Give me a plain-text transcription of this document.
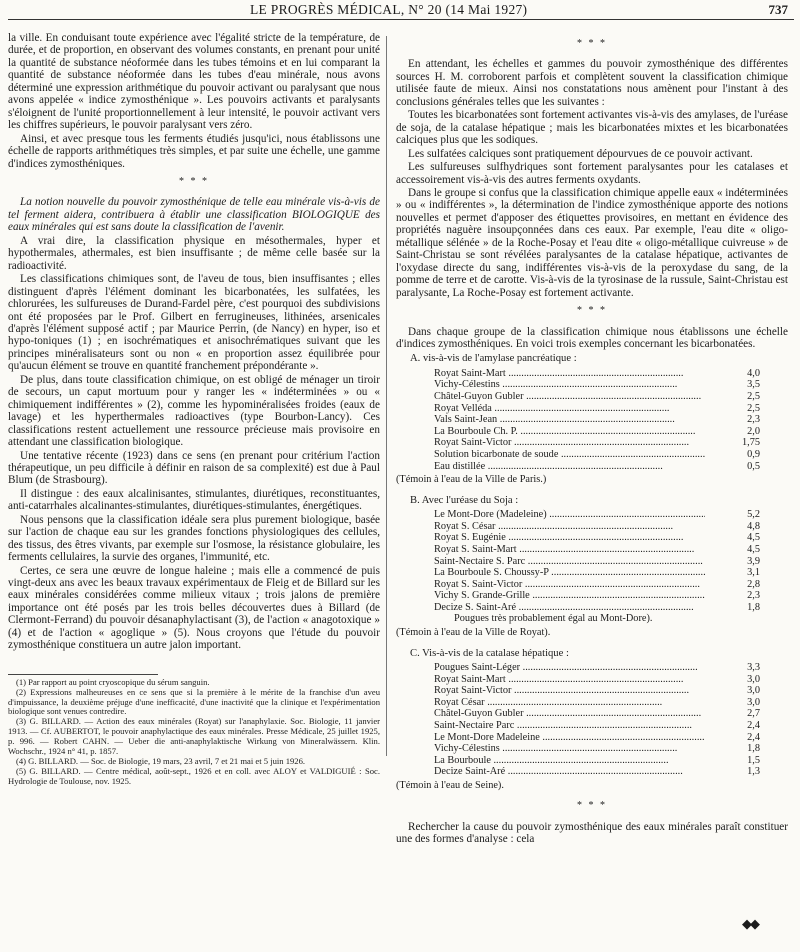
LE PROGRÈS MÉDICAL, N° 20 (14 Mai 1927)	737

la ville. En conduisant toute expérience avec l'égalité stricte de la température, de durée, et de proportion, en observant des volumes constants, en prenant pour unité la quantité de substance néoformée dans les tubes témoins et en lui comparant la quantité de substance néoformée dans les tubes d'eau minérale, nous avons déterminé une expression arithmétique du pouvoir activant ou paralysant que nous avons appelée « indice zymosthénique ». Les pouvoirs activants et paralysants s'éloignent de l'unité proportionnellement à leur intensité, le pouvoir activant vers les chiffres supérieurs, le pouvoir paralysant vers zéro.

Ainsi, et avec presque tous les ferments étudiés jusqu'ici, nous établissons une échelle de rapports arithmétiques très simples, et par suite une échelle, une gamme d'indices zymosthéniques.

* * *

La notion nouvelle du pouvoir zymosthénique de telle eau minérale vis-à-vis de tel ferment aidera, contribuera à établir une classification BIOLOGIQUE des eaux minérales qui est sans doute la classification de l'avenir.

A vrai dire, la classification physique en mésothermales, hyper et hypothermales, athermales, est bien insuffisante ; de même celle basée sur la radioactivité.

Les classifications chimiques sont, de l'aveu de tous, bien insuffisantes ; elles distinguent d'après l'élément dominant les bicarbonatées, les sulfatées, les chlorurées, les sulfureuses de Durand-Fardel père, c'est pourquoi des subdivisions ont été proposées par le Prof. Gilbert en ferrugineuses, lithinées, arsenicales d'après l'élément supposé actif ; par Maurice Perrin, (de Nancy) en hyper, iso et hypo-toniques (1) ; en isochrématiques et anisochrématiques suivant que les principes minéralisateurs sont ou non « en proportion assez équilibrée pour qu'aucun élément se trouve en quantité franchement prépondérante ».

De plus, dans toute classification chimique, on est obligé de ménager un tiroir de secours, un caput mortuum pour y ranger les « indéterminées » ou « chimiquement indifférentes » (2), comme les hypominéralisées froides (eaux de lavage) et les hyperthermales radioactives (type Bourbon-Lancy). Ces classifications restent actuellement une ressource précieuse mais provisoire en attendant une classification biologique.

Une tentative récente (1923) dans ce sens (en prenant pour critérium l'action thérapeutique, un peu difficile à définir en raison de sa complexité) est due à Paul Blum (de Strasbourg).

Il distingue : des eaux alcalinisantes, stimulantes, diurétiques, reconstituantes, anti-catarrhales alcalinantes-stimulantes, diurétiques-stimulantes, énergétiques.

Nous pensons que la classification idéale sera plus purement biologique, basée sur l'action de chaque eau sur les grandes fonctions physiologiques des cellules, des tissus, des êtres vivants, par exemple sur l'osmose, la résistance globulaire, les ferments cellulaires, la survie des organes, l'immunité, etc.

Certes, ce sera une œuvre de longue haleine ; mais elle a commencé de puis vingt-deux ans avec les beaux travaux expérimentaux de Fleig et de Billard sur les eaux minérales considérées comme milieux vitaux ; trois jalons de première importance ont été posés par les trois belles découvertes dues à Billard (de Clermont-Ferrand) du pouvoir désanaphylactisant (3), de l'action « anagotoxique » (4) et de l'action « agoglique » (5). Nous croyons que l'étude du pouvoir zymosthénique constituera un autre jalon important.

(1) Par rapport au point cryoscopique du sérum sanguin.

(2) Expressions malheureuses en ce sens que si la première à le mérite de la franchise d'un aveu d'impuissance, la deuxième préjuge d'une inefficacité, d'une inactivité que la clinique et l'expérimentation biologique sont venues contredire.

(3) G. BILLARD. — Action des eaux minérales (Royat) sur l'anaphylaxie. Soc. Biologie, 11 janvier 1913. — Cf. AUBERTOT, le pouvoir anaphylactique des eaux minérales. Presse Médicale, 25 juillet 1925, p. 996. — Robert CAHN. — Ueber die anti-anaphylaktische Wirkung von Mineralwässern. Klin. Wochschr., 1924 n° 41, p. 1857.

(4) G. BILLARD. — Soc. de Biologie, 19 mars, 23 avril, 7 et 21 mai et 5 juin 1926.

(5) G. BILLARD. — Centre médical, août-sept., 1926 et en coll. avec ALOY et VALDIGUIÉ : Soc. Hydrologie de Toulouse, nov. 1925.

* * *

En attendant, les échelles et gammes du pouvoir zymosthénique des différentes sources H. M. corroborent parfois et complètent souvent la classification chimique utilisée faute de mieux. Ainsi nos constatations nous amènent pour l'instant à des conclusions générales telles que les suivantes :

Toutes les bicarbonatées sont fortement activantes vis-à-vis des amylases, de l'uréase de soja, de la catalase hépatique ; mais les bicarbonatées mixtes et les bicarbonatées calciques plus que les sodiques.

Les sulfatées calciques sont pratiquement dépourvues de ce pouvoir activant.

Les sulfureuses sulfhydriques sont fortement paralysantes pour les catalases et accessoirement vis-à-vis des autres ferments oxydants.

Dans le groupe si confus que la classification chimique appelle eaux « indéterminées » ou « indifférentes », la détermination de l'indice zymosthénique apporte des notions nouvelles et permet d'apposer des étiquettes provisoires, en mettant en évidence des propriétés naguère insoupçonnées dans ces eaux. Par exemple, l'eau dite « oligo-métallique sélénée » de la Roche-Posay et l'eau dite « oligo-métallique cuivreuse » de Saint-Christau se sont révélées paralysantes de la catalase hépatique, activantes de l'oxydase directe du sang, indifférentes vis-à-vis de la peroxydase du sang, de la pomme de terre et de carotte. Vis-à-vis de la tyrosinase de la russule, Saint-Christau est paralysante, La Roche-Posay est fortement activante.

* * *

Dans chaque groupe de la classification chimique nous établissons une échelle d'indices zymosthéniques. En voici trois exemples concernant les bicarbonatées.

A. vis-à-vis de l'amylase pancréatique :
Royat Saint-Mart .....	4,0
Vichy-Célestins .....	3,5
Châtel-Guyon Gubler .....	2,5
Royat Velléda .....	2,5
Vals Saint-Jean .....	2,3
La Bourboule Ch. P. .....	2,0
Royat Saint-Victor .....	1,75
Solution bicarbonate de soude .....	0,9
Eau distillée .....	0,5

(Témoin à l'eau de la Ville de Paris.)

B. Avec l'uréase du Soja :
Le Mont-Dore (Madeleine) .....	5,2
Royat S. César .....	4,8
Royat S. Eugénie .....	4,5
Royat S. Saint-Mart .....	4,5
Saint-Nectaire S. Parc .....	3,9
La Bourboule S. Choussy-P .....	3,1
Royat S. Saint-Victor .....	2,8
Vichy S. Grande-Grille .....	2,3
Decize S. Saint-Aré .....	1,8
Pougues très probablement égal au Mont-Dore).

(Témoin à l'eau de la Ville de Royat).

C. Vis-à-vis de la catalase hépatique :
Pougues Saint-Léger .....	3,3
Royat Saint-Mart .....	3,0
Royat Saint-Victor .....	3,0
Royat César .....	3,0
Châtel-Guyon Gubler .....	2,7
Saint-Nectaire Parc .....	2,4
Le Mont-Dore Madeleine .....	2,4
Vichy-Célestins .....	1,8
La Bourboule .....	1,5
Decize Saint-Aré .....	1,3

(Témoin à l'eau de Seine).

* * *

Rechercher la cause du pouvoir zymosthénique des eaux minérales paraît constituer une des formes d'analyse : cela

◆◆
